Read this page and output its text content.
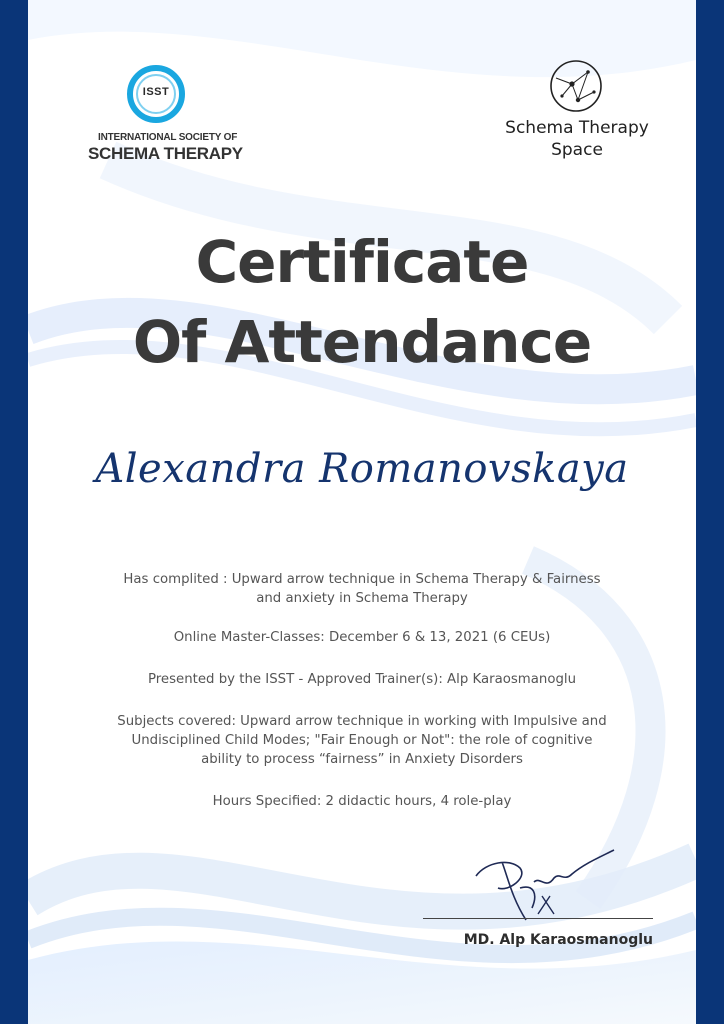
ISST
INTERNATIONAL SOCIETY OF
SCHEMA THERAPY
Schema Therapy
Space
Certificate
Of Attendance
Alexandra Romanovskaya
Has complited : Upward arrow technique in Schema Therapy & Fairness
and anxiety in Schema Therapy
Online Master-Classes: December 6 & 13, 2021 (6 CEUs)
Presented by the ISST - Approved Trainer(s): Alp Karaosmanoglu
Subjects covered: Upward arrow technique in working with Impulsive and
Undisciplined Child Modes; "Fair Enough or Not": the role of cognitive
ability to process “fairness” in Anxiety Disorders
Hours Specified: 2 didactic hours, 4 role-play
MD. Alp Karaosmanoglu
